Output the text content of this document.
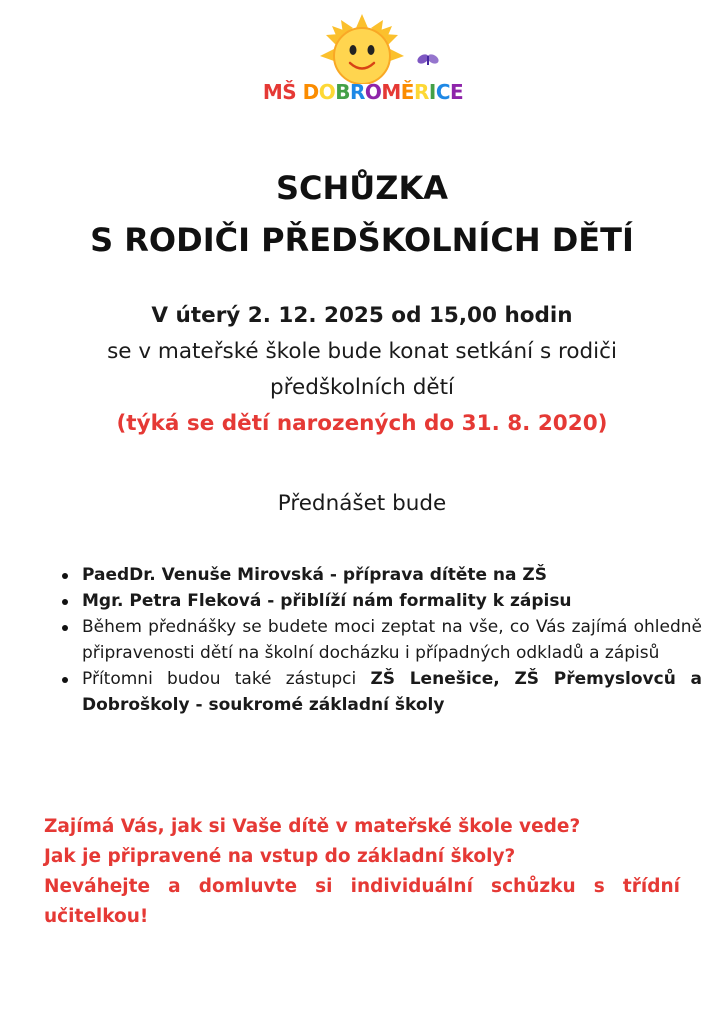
MŠ DOBROMĚRICE
SCHŮZKA
S RODIČI PŘEDŠKOLNÍCH DĚTÍ
V úterý 2. 12. 2025 od 15,00 hodin
se v mateřské škole bude konat setkání s rodiči
předškolních dětí
(týká se dětí narozených do 31. 8. 2020)
Přednášet bude
PaedDr. Venuše Mirovská - příprava dítěte na ZŠ
Mgr. Petra Fleková - přiblíží nám formality k zápisu
Během přednášky se budete moci zeptat na vše, co Vás zajímá ohledně připravenosti dětí na školní docházku i případných odkladů a zápisů
Přítomni budou také zástupci ZŠ Lenešice, ZŠ Přemyslovců a Dobroškoly - soukromé základní školy
Zajímá Vás, jak si Vaše dítě v mateřské škole vede?
Jak je připravené na vstup do základní školy?
Neváhejte a domluvte si individuální schůzku s třídní učitelkou!
